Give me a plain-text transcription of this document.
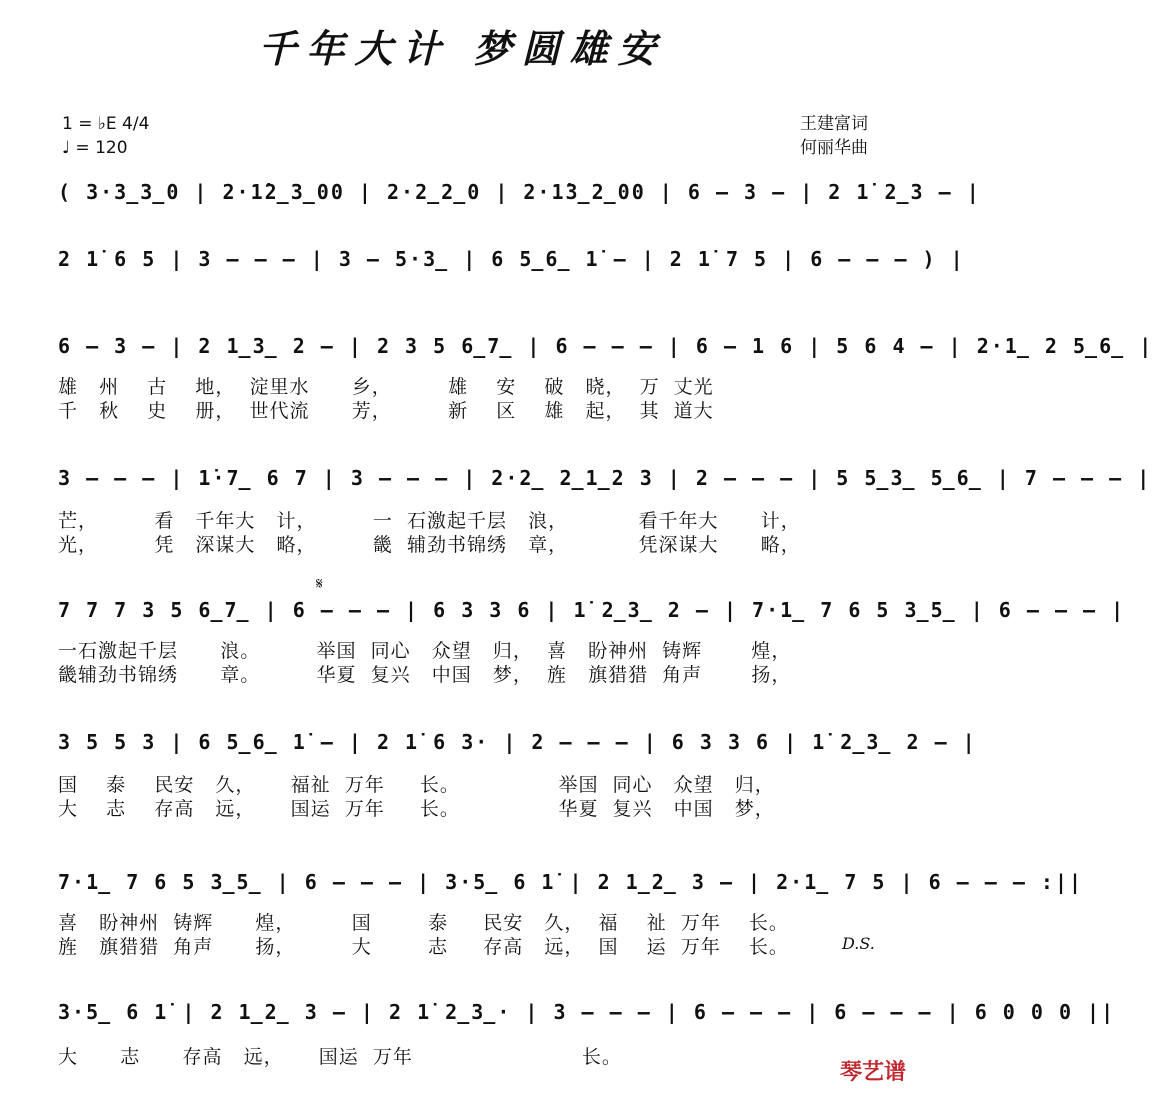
千年大计 梦圆雄安
1 = ♭E 4/4
♩ = 120
王建富词
何丽华曲
( 3·3̲3̲0 | 2·1̇2̲3̲00 | 2·2̲2̲0 | 2·1̇3̲2̲00 | 6 — 3 — | 2 1̇ 2̲3 — |
2 1̇ 6 5 | 3 — — — | 3 — 5·3̲ | 6 5̲6̲ 1̇ — | 2 1̇ 7 5 | 6 — — — ) |
6 — 3 — | 2 1̲3̲ 2 — | 2 3 5 6̲7̲ | 6 — — — | 6 — 1 6 | 5 6 4 — | 2·1̲ 2 5̲6̲ |
雄   州    古    地，  淀里水      乡，        雄    安    破   晓，  万  丈光
千   秋    史    册，  世代流      芳，        新    区    雄   起，  其  道大
3 — — — | 1̇·7̲ 6 7 | 3 — — — | 2·2̲ 2̲1̲2 3 | 2 — — — | 5 5̲3̲ 5̲6̲ | 7 — — — |
芒，        看   千年大   计，        一  石激起千层   浪，          看千年大      计，
光，        凭   深谋大   略，        畿  辅劲书锦绣   章，          凭深谋大      略，
𝄋
7 7 7 3 5 6̲7̲ | 6 — — — | 6 3 3 6 | 1̇ 2̲3̲ 2 — | 7·1̲ 7 6 5 3̲5̲ | 6 — — — |
一石激起千层      浪。        举国  同心   众望   归，  喜   盼神州  铸辉       煌，
畿辅劲书锦绣      章。        华夏  复兴   中国   梦，  旌   旗猎猎  角声       扬，
3 5 5 3 | 6 5̲6̲ 1̇ — | 2 1̇ 6 3· | 2 — — — | 6 3 3 6 | 1̇ 2̲3̲ 2 — |
国    泰    民安   久，     福祉  万年     长。              举国  同心   众望   归，
大    志    存高   远，     国运  万年     长。              华夏  复兴   中国   梦，
7·1̲ 7 6 5 3̲5̲ | 6 — — — | 3·5̲ 6 1̇ | 2 1̲2̲ 3 — | 2·1̲ 7 5 | 6 — — — :||
喜   盼神州  铸辉      煌，        国        泰     民安   久，  福    祉  万年    长。
旌   旗猎猎  角声      扬，        大        志     存高   远，  国    运  万年    长。	D.S.
3·5̲ 6 1̇ | 2 1̲2̲ 3 — | 2 1̇ 2̲3̲· | 3 — — — | 6 — — — | 6 — — — | 6 0 0 0 ||
大      志      存高   远，     国运  万年                        长。
琴艺谱
